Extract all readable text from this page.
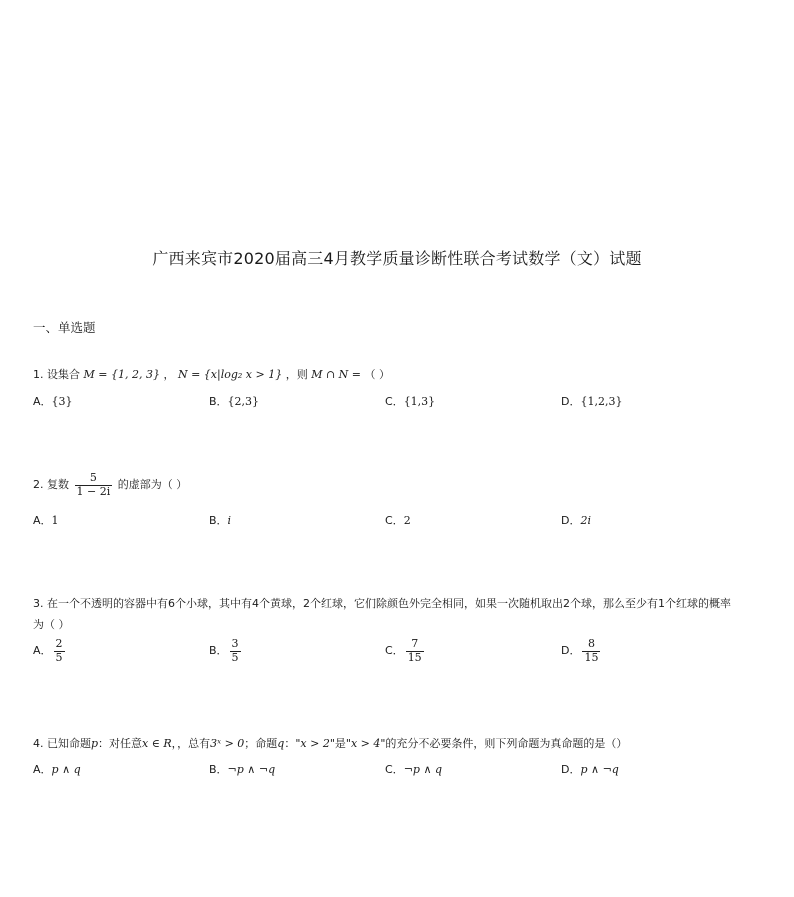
广西来宾市2020届高三4月教学质量诊断性联合考试数学（文）试题
一、单选题
1. 设集合 M = {1, 2, 3} ， N = {x|log₂ x > 1} ，则 M ∩ N = （ ）
A．{3}	B．{2,3}	C．{1,3}	D．{1,2,3}
2. 复数 $\frac{5}{1 - 2i}$ 的虚部为（ ）
A．1	B．i	C．2	D．2i
3. 在一个不透明的容器中有6个小球，其中有4个黄球，2个红球，它们除颜色外完全相同，如果一次随机取出2个球，那么至少有1个红球的概率
为（ ）
A． $\frac{2}{5}$	B． $\frac{3}{5}$	C． $\frac{7}{15}$	D． $\frac{8}{15}$
4. 已知命题p：对任意x ∈ R，，总有3ˣ > 0；命题q："x > 2"是"x > 4"的充分不必要条件，则下列命题为真命题的是（）
A．p ∧ q	B．¬p ∧ ¬q	C．¬p ∧ q	D．p ∧ ¬q
